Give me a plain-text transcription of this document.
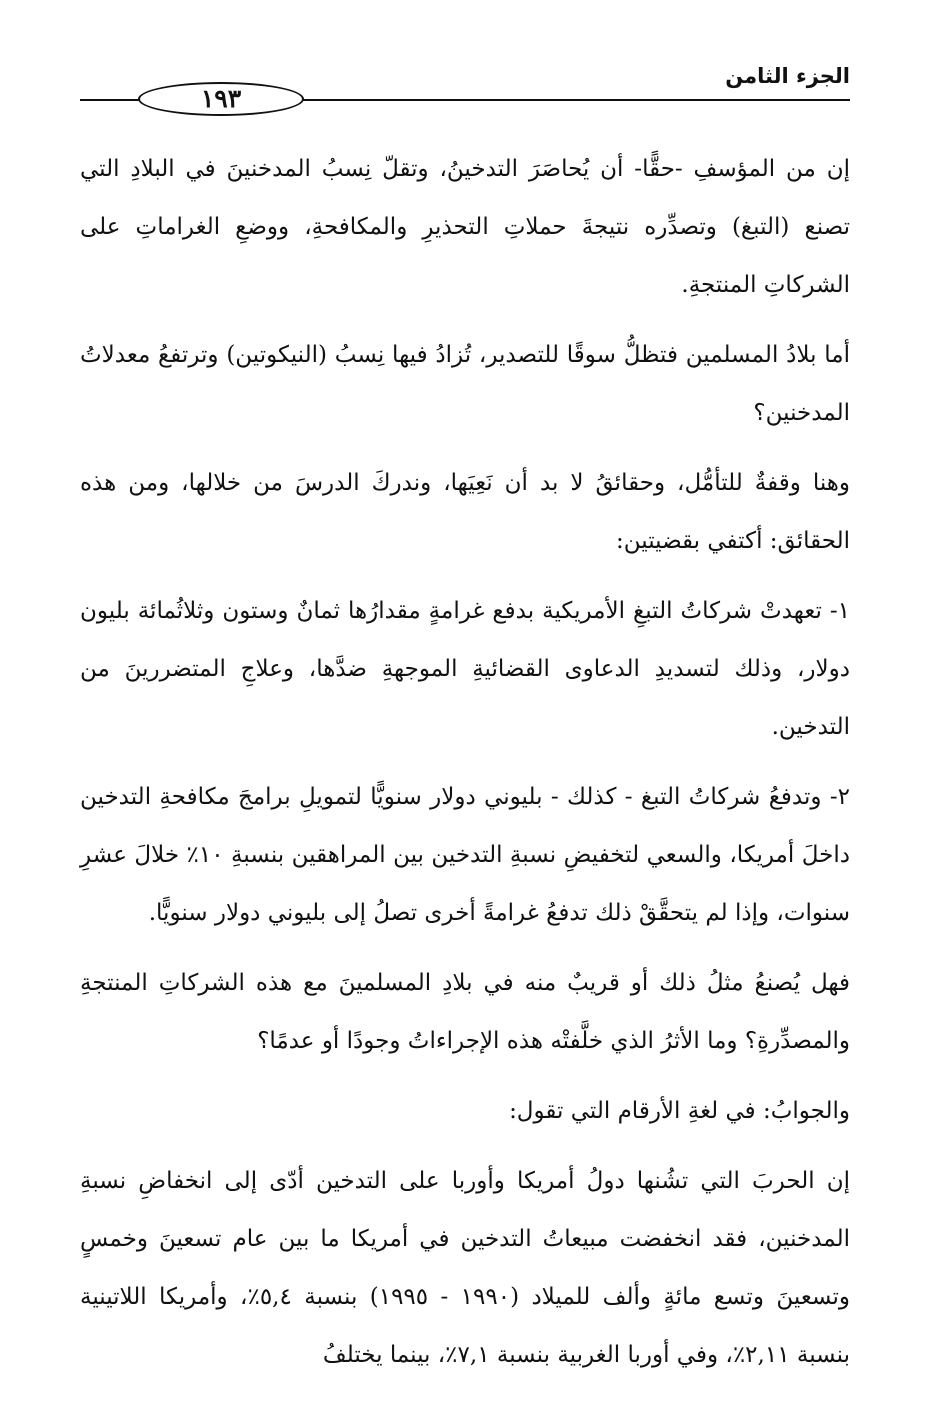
الجزء الثامن
١٩٣

إن من المؤسفِ -حقًّا- أن يُحاصَرَ التدخينُ، وتقلّ نِسبُ المدخنينَ في البلادِ التي تصنع (التبغ) وتصدِّره نتيجةَ حملاتِ التحذيرِ والمكافحةِ، ووضعِ الغراماتِ على الشركاتِ المنتجةِ.

أما بلادُ المسلمين فتظلُّ سوقًا للتصدير، تُزادُ فيها نِسبُ (النيكوتين) وترتفعُ معدلاتُ المدخنين؟

وهنا وقفةٌ للتأمُّل، وحقائقُ لا بد أن نَعِيَها، وندركَ الدرسَ من خلالها، ومن هذه الحقائق: أكتفي بقضيتين:

١- تعهدتْ شركاتُ التبغِ الأمريكية بدفع غرامةٍ مقدارُها ثمانٌ وستون وثلاثُمائة بليون دولار، وذلك لتسديدِ الدعاوى القضائيةِ الموجهةِ ضدَّها، وعلاجِ المتضررينَ من التدخين.

٢- وتدفعُ شركاتُ التبغ - كذلك - بليوني دولار سنويًّا لتمويلِ برامجَ مكافحةِ التدخين داخلَ أمريكا، والسعي لتخفيضِ نسبةِ التدخين بين المراهقين بنسبةِ ١٠٪ خلالَ عشرِ سنوات، وإذا لم يتحقَّقْ ذلك تدفعُ غرامةً أخرى تصلُ إلى بليوني دولار سنويًّا.

فهل يُصنعُ مثلُ ذلك أو قريبٌ منه في بلادِ المسلمينَ مع هذه الشركاتِ المنتجةِ والمصدِّرةِ؟ وما الأثرُ الذي خلَّفتْه هذه الإجراءاتُ وجودًا أو عدمًا؟

والجوابُ: في لغةِ الأرقام التي تقول:

إن الحربَ التي تشُنها دولُ أمريكا وأوربا على التدخين أدّى إلى انخفاضِ نسبةِ المدخنين، فقد انخفضت مبيعاتُ التدخين في أمريكا ما بين عام تسعينَ وخمسٍ وتسعينَ وتسع مائةٍ وألف للميلاد (١٩٩٠ - ١٩٩٥) بنسبة ٥,٤٪، وأمريكا اللاتينية بنسبة ٢,١١٪، وفي أوربا الغربية بنسبة ٧,١٪، بينما يختلفُ
